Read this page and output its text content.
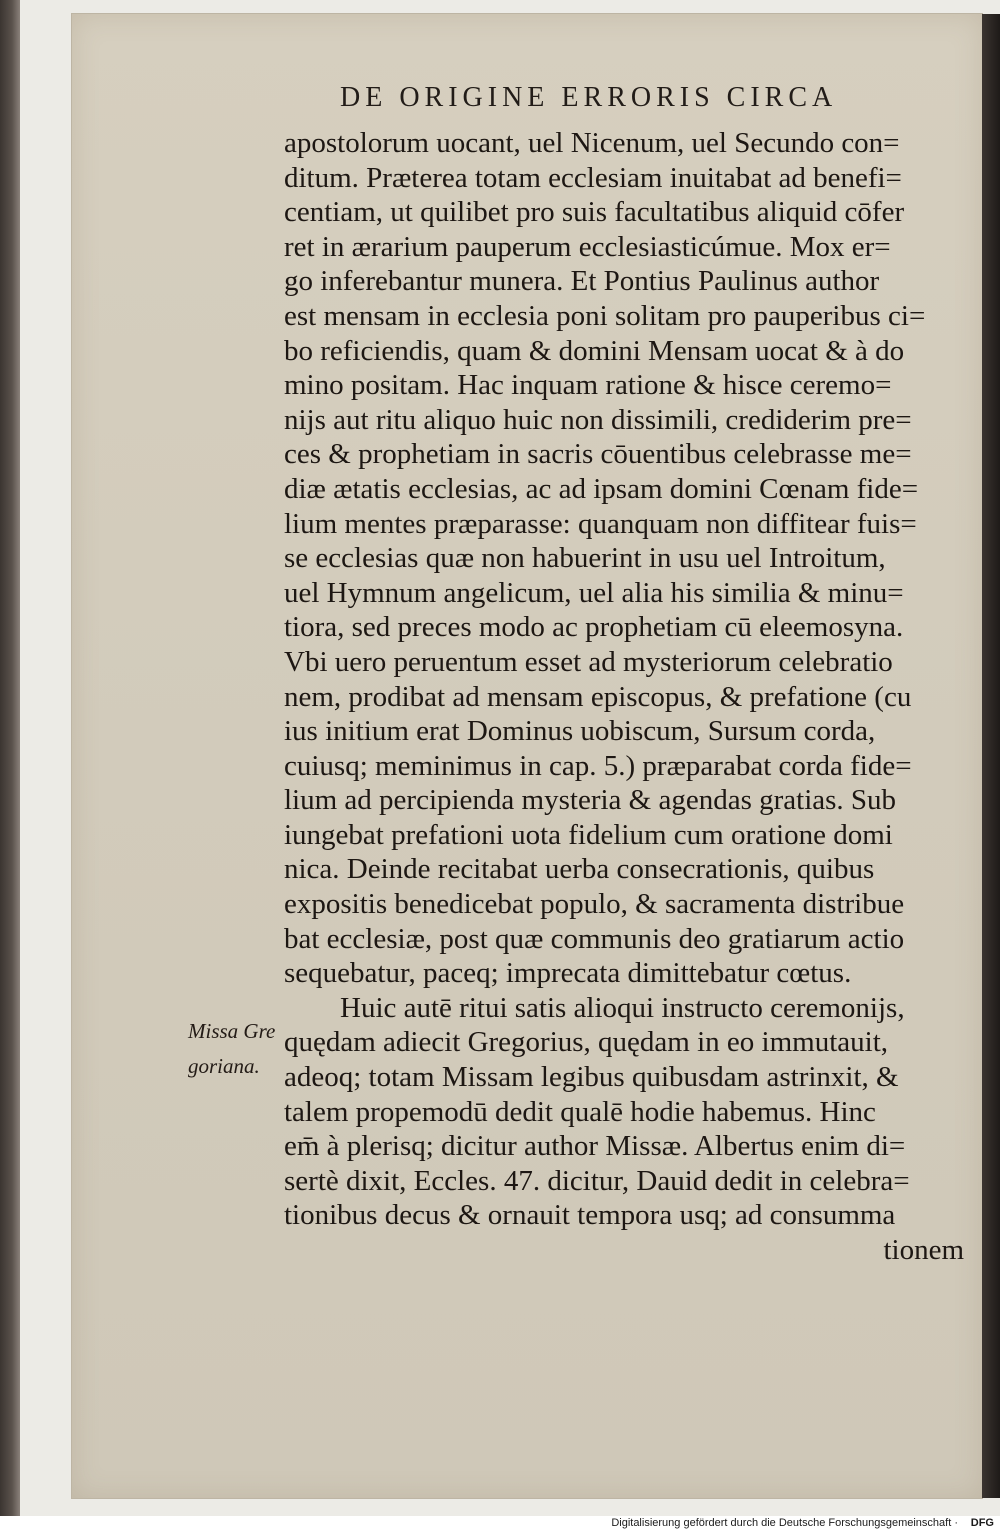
DE ORIGINE ERRORIS CIRCA
Missa Gre
goriana.
apostolorum uocant, uel Nicenum, uel Secundo con=
ditum. Præterea totam ecclesiam inuitabat ad benefi=
centiam, ut quilibet pro suis facultatibus aliquid cōfer
ret in ærarium pauperum ecclesiasticúmue. Mox er=
go inferebantur munera. Et Pontius Paulinus author
est mensam in ecclesia poni solitam pro pauperibus ci=
bo reficiendis, quam & domini Mensam uocat & à do
mino positam. Hac inquam ratione & hisce ceremo=
nijs aut ritu aliquo huic non dissimili, crediderim pre=
ces & prophetiam in sacris cōuentibus celebrasse me=
diæ ætatis ecclesias, ac ad ipsam domini Cœnam fide=
lium mentes præparasse: quanquam non diffitear fuis=
se ecclesias quæ non habuerint in usu uel Introitum,
uel Hymnum angelicum, uel alia his similia & minu=
tiora, sed preces modo ac prophetiam cū eleemosyna.
Vbi uero peruentum esset ad mysteriorum celebratio
nem, prodibat ad mensam episcopus, & prefatione (cu
ius initium erat Dominus uobiscum, Sursum corda,
cuiusq; meminimus in cap. 5.) præparabat corda fide=
lium ad percipienda mysteria & agendas gratias. Sub
iungebat prefationi uota fidelium cum oratione domi
nica. Deinde recitabat uerba consecrationis, quibus
expositis benedicebat populo, & sacramenta distribue
bat ecclesiæ, post quæ communis deo gratiarum actio
sequebatur, paceq; imprecata dimittebatur cœtus.
Huic autē ritui satis alioqui instructo ceremonijs,
quędam adiecit Gregorius, quędam in eo immutauit,
adeoq; totam Missam legibus quibusdam astrinxit, &
talem propemodū dedit qualē hodie habemus. Hinc
em̄ à plerisq; dicitur author Missæ. Albertus enim di=
sertè dixit, Eccles. 47. dicitur, Dauid dedit in celebra=
tionibus decus & ornauit tempora usq; ad consumma
tionem
Digitalisierung gefördert durch die Deutsche Forschungsgemeinschaft · DFG
